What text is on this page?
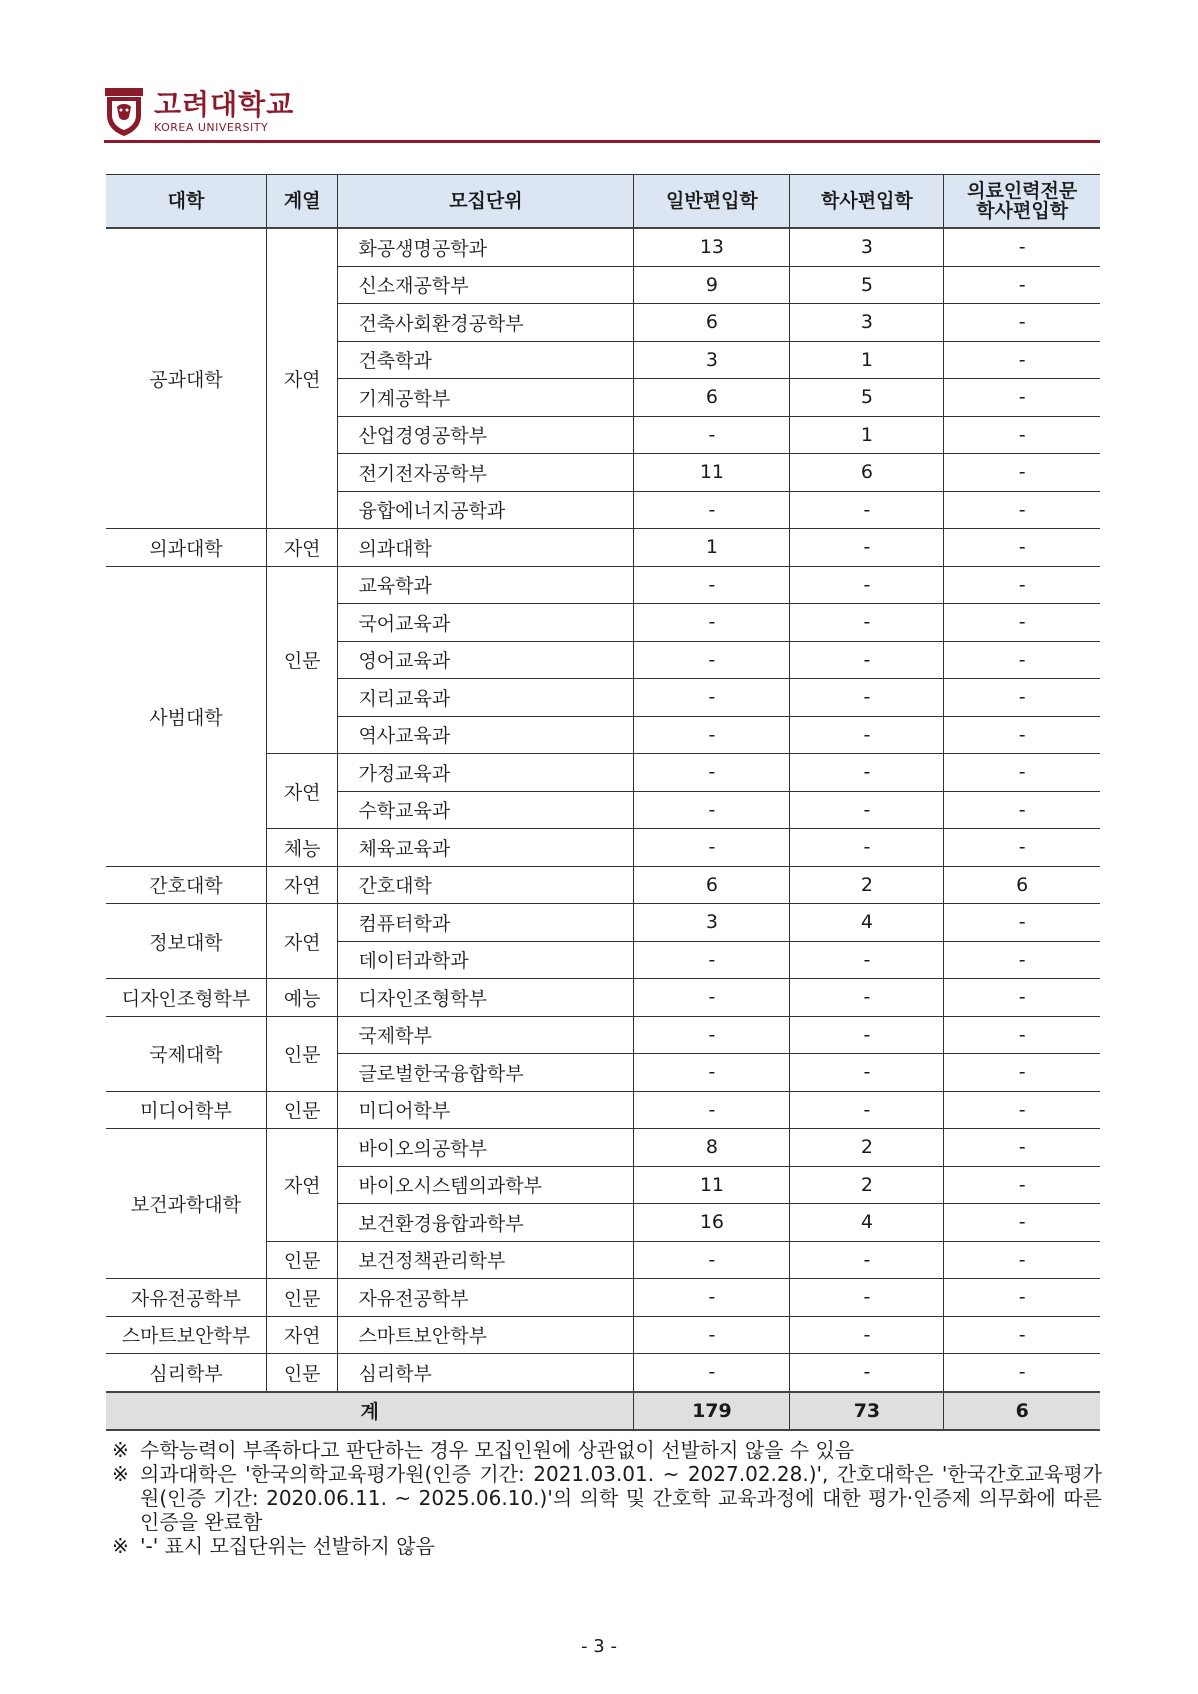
고려대학교
KOREA UNIVERSITY
대학	계열	모집단위	일반편입학	학사편입학	의료인력전문
학사편입학
공과대학	자연	화공생명공학과	13	3	-
		신소재공학부	9	5	-
		건축사회환경공학부	6	3	-
		건축학과	3	1	-
		기계공학부	6	5	-
		산업경영공학부	-	1	-
		전기전자공학부	11	6	-
		융합에너지공학과	-	-	-
의과대학	자연	의과대학	1	-	-
사범대학	인문	교육학과	-	-	-
		국어교육과	-	-	-
		영어교육과	-	-	-
		지리교육과	-	-	-
		역사교육과	-	-	-
	자연	가정교육과	-	-	-
		수학교육과	-	-	-
	체능	체육교육과	-	-	-
간호대학	자연	간호대학	6	2	6
정보대학	자연	컴퓨터학과	3	4	-
		데이터과학과	-	-	-
디자인조형학부	예능	디자인조형학부	-	-	-
국제대학	인문	국제학부	-	-	-
		글로벌한국융합학부	-	-	-
미디어학부	인문	미디어학부	-	-	-
보건과학대학	자연	바이오의공학부	8	2	-
		바이오시스템의과학부	11	2	-
		보건환경융합과학부	16	4	-
	인문	보건정책관리학부	-	-	-
자유전공학부	인문	자유전공학부	-	-	-
스마트보안학부	자연	스마트보안학부	-	-	-
심리학부	인문	심리학부	-	-	-
계			179	73	6
※ 수학능력이 부족하다고 판단하는 경우 모집인원에 상관없이 선발하지 않을 수 있음
※ 의과대학은 '한국의학교육평가원(인증 기간: 2021.03.01. ~ 2027.02.28.)', 간호대학은 '한국간호교육평가원(인증 기간: 2020.06.11. ~ 2025.06.10.)'의 의학 및 간호학 교육과정에 대한 평가·인증제 의무화에 따른 인증을 완료함
※ '-' 표시 모집단위는 선발하지 않음
- 3 -
